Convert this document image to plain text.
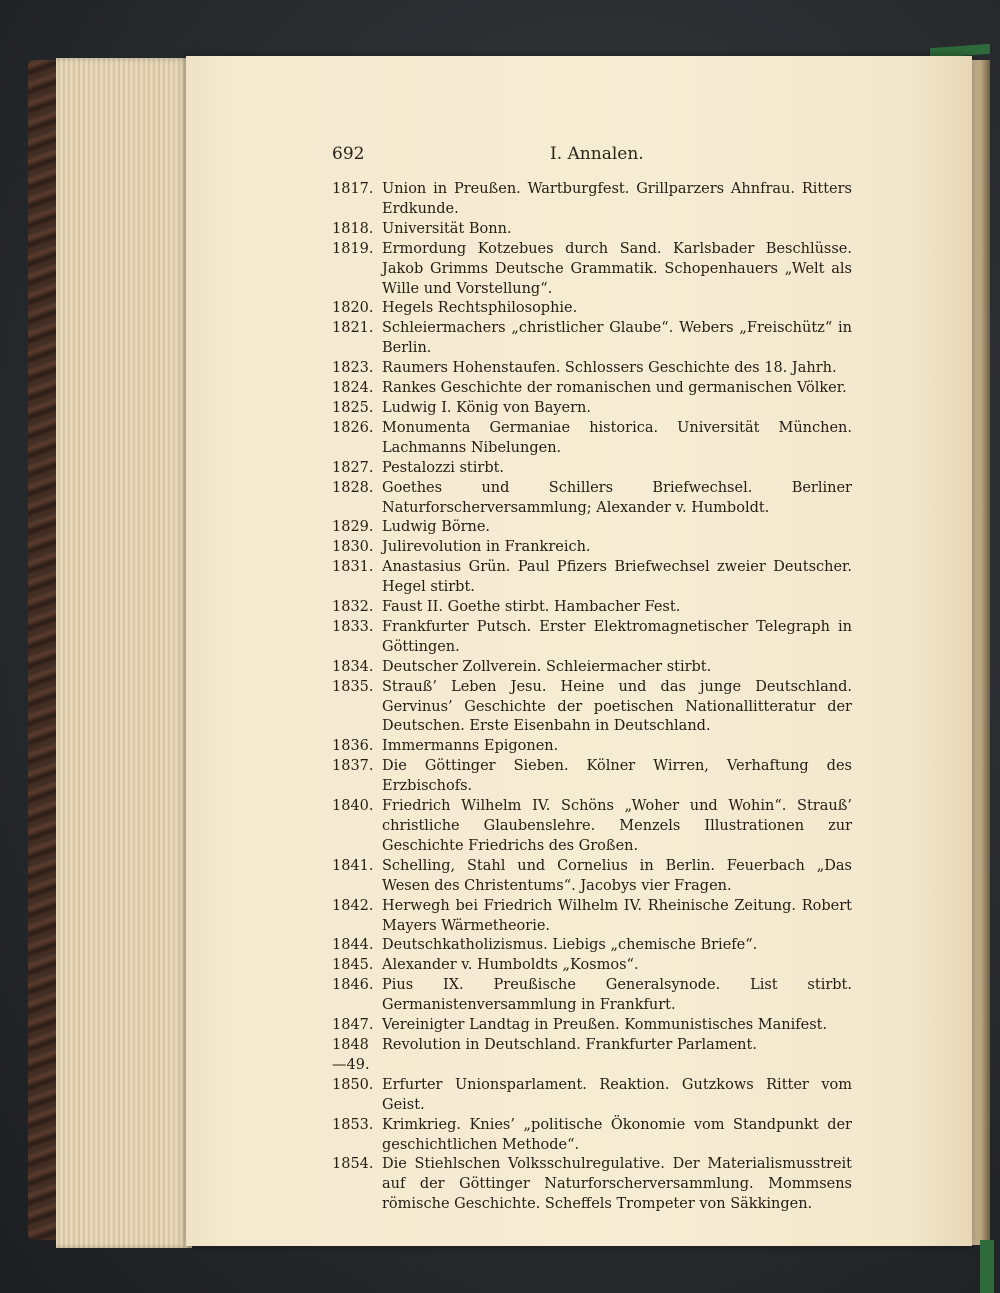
692	I. Annalen.
1817. Union in Preußen. Wartburgfest. Grillparzers Ahnfrau. Ritters Erdkunde.
1818. Universität Bonn.
1819. Ermordung Kotzebues durch Sand. Karlsbader Beschlüsse. Jakob Grimms Deutsche Grammatik. Schopenhauers „Welt als Wille und Vorstellung“.
1820. Hegels Rechtsphilosophie.
1821. Schleiermachers „christlicher Glaube“. Webers „Freischütz“ in Berlin.
1823. Raumers Hohenstaufen. Schlossers Geschichte des 18. Jahrh.
1824. Rankes Geschichte der romanischen und germanischen Völker.
1825. Ludwig I. König von Bayern.
1826. Monumenta Germaniae historica. Universität München. Lachmanns Nibelungen.
1827. Pestalozzi stirbt.
1828. Goethes und Schillers Briefwechsel. Berliner Naturforscherversammlung; Alexander v. Humboldt.
1829. Ludwig Börne.
1830. Julirevolution in Frankreich.
1831. Anastasius Grün. Paul Pfizers Briefwechsel zweier Deutscher. Hegel stirbt.
1832. Faust II. Goethe stirbt. Hambacher Fest.
1833. Frankfurter Putsch. Erster Elektromagnetischer Telegraph in Göttingen.
1834. Deutscher Zollverein. Schleiermacher stirbt.
1835. Strauß’ Leben Jesu. Heine und das junge Deutschland. Gervinus’ Geschichte der poetischen Nationallitteratur der Deutschen. Erste Eisenbahn in Deutschland.
1836. Immermanns Epigonen.
1837. Die Göttinger Sieben. Kölner Wirren, Verhaftung des Erzbischofs.
1840. Friedrich Wilhelm IV. Schöns „Woher und Wohin“. Strauß’ christliche Glaubenslehre. Menzels Illustrationen zur Geschichte Friedrichs des Großen.
1841. Schelling, Stahl und Cornelius in Berlin. Feuerbach „Das Wesen des Christentums“. Jacobys vier Fragen.
1842. Herwegh bei Friedrich Wilhelm IV. Rheinische Zeitung. Robert Mayers Wärmetheorie.
1844. Deutschkatholizismus. Liebigs „chemische Briefe“.
1845. Alexander v. Humboldts „Kosmos“.
1846. Pius IX. Preußische Generalsynode. List stirbt. Germanistenversammlung in Frankfurt.
1847. Vereinigter Landtag in Preußen. Kommunistisches Manifest.
1848—49.
Revolution in Deutschland. Frankfurter Parlament.
1850. Erfurter Unionsparlament. Reaktion. Gutzkows Ritter vom Geist.
1853. Krimkrieg. Knies’ „politische Ökonomie vom Standpunkt der geschichtlichen Methode“.
1854. Die Stiehlschen Volksschulregulative. Der Materialismusstreit auf der Göttinger Naturforscherversammlung. Mommsens römische Geschichte. Scheffels Trompeter von Säkkingen.
